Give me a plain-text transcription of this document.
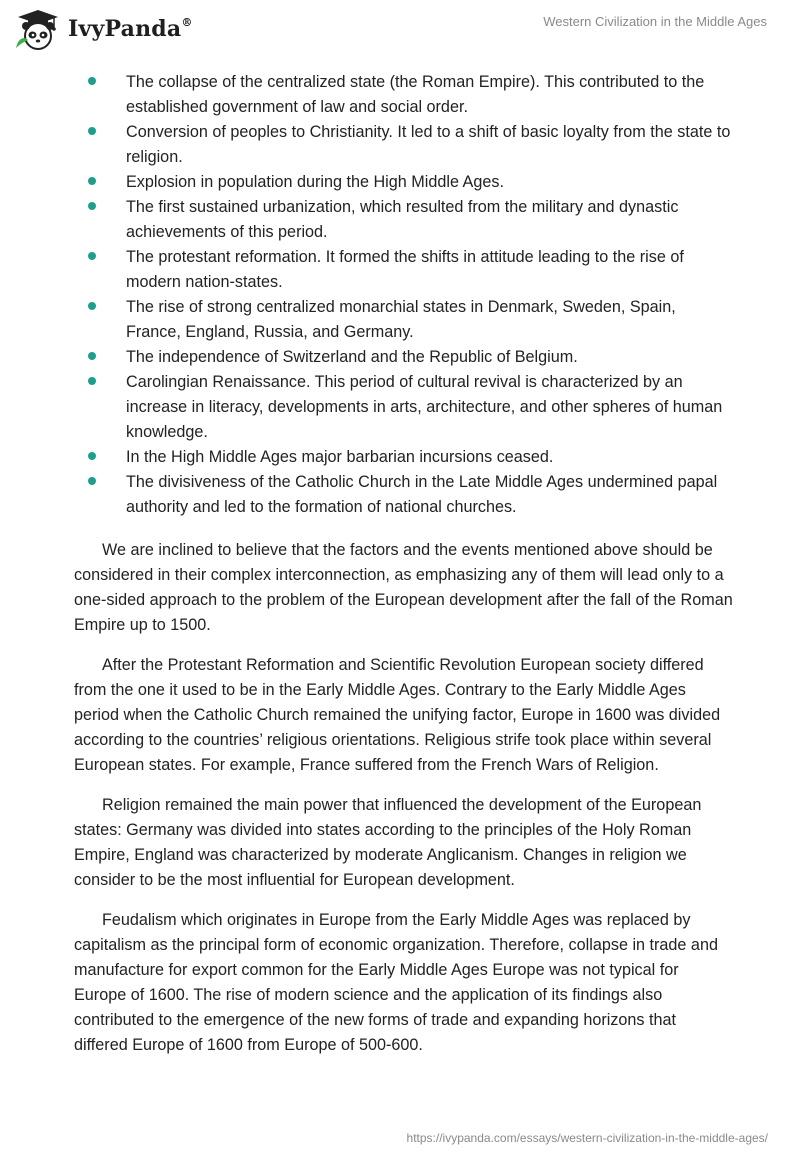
IvyPanda®	Western Civilization in the Middle Ages
The collapse of the centralized state (the Roman Empire). This contributed to the established government of law and social order.
Conversion of peoples to Christianity. It led to a shift of basic loyalty from the state to religion.
Explosion in population during the High Middle Ages.
The first sustained urbanization, which resulted from the military and dynastic achievements of this period.
The protestant reformation. It formed the shifts in attitude leading to the rise of modern nation-states.
The rise of strong centralized monarchial states in Denmark, Sweden, Spain, France, England, Russia, and Germany.
The independence of Switzerland and the Republic of Belgium.
Carolingian Renaissance. This period of cultural revival is characterized by an increase in literacy, developments in arts, architecture, and other spheres of human knowledge.
In the High Middle Ages major barbarian incursions ceased.
The divisiveness of the Catholic Church in the Late Middle Ages undermined papal authority and led to the formation of national churches.

We are inclined to believe that the factors and the events mentioned above should be considered in their complex interconnection, as emphasizing any of them will lead only to a one-sided approach to the problem of the European development after the fall of the Roman Empire up to 1500.

After the Protestant Reformation and Scientific Revolution European society differed from the one it used to be in the Early Middle Ages. Contrary to the Early Middle Ages period when the Catholic Church remained the unifying factor, Europe in 1600 was divided according to the countries’ religious orientations. Religious strife took place within several European states. For example, France suffered from the French Wars of Religion.

Religion remained the main power that influenced the development of the European states: Germany was divided into states according to the principles of the Holy Roman Empire, England was characterized by moderate Anglicanism. Changes in religion we consider to be the most influential for European development.

Feudalism which originates in Europe from the Early Middle Ages was replaced by capitalism as the principal form of economic organization. Therefore, collapse in trade and manufacture for export common for the Early Middle Ages Europe was not typical for Europe of 1600. The rise of modern science and the application of its findings also contributed to the emergence of the new forms of trade and expanding horizons that differed Europe of 1600 from Europe of 500-600.

https://ivypanda.com/essays/western-civilization-in-the-middle-ages/
